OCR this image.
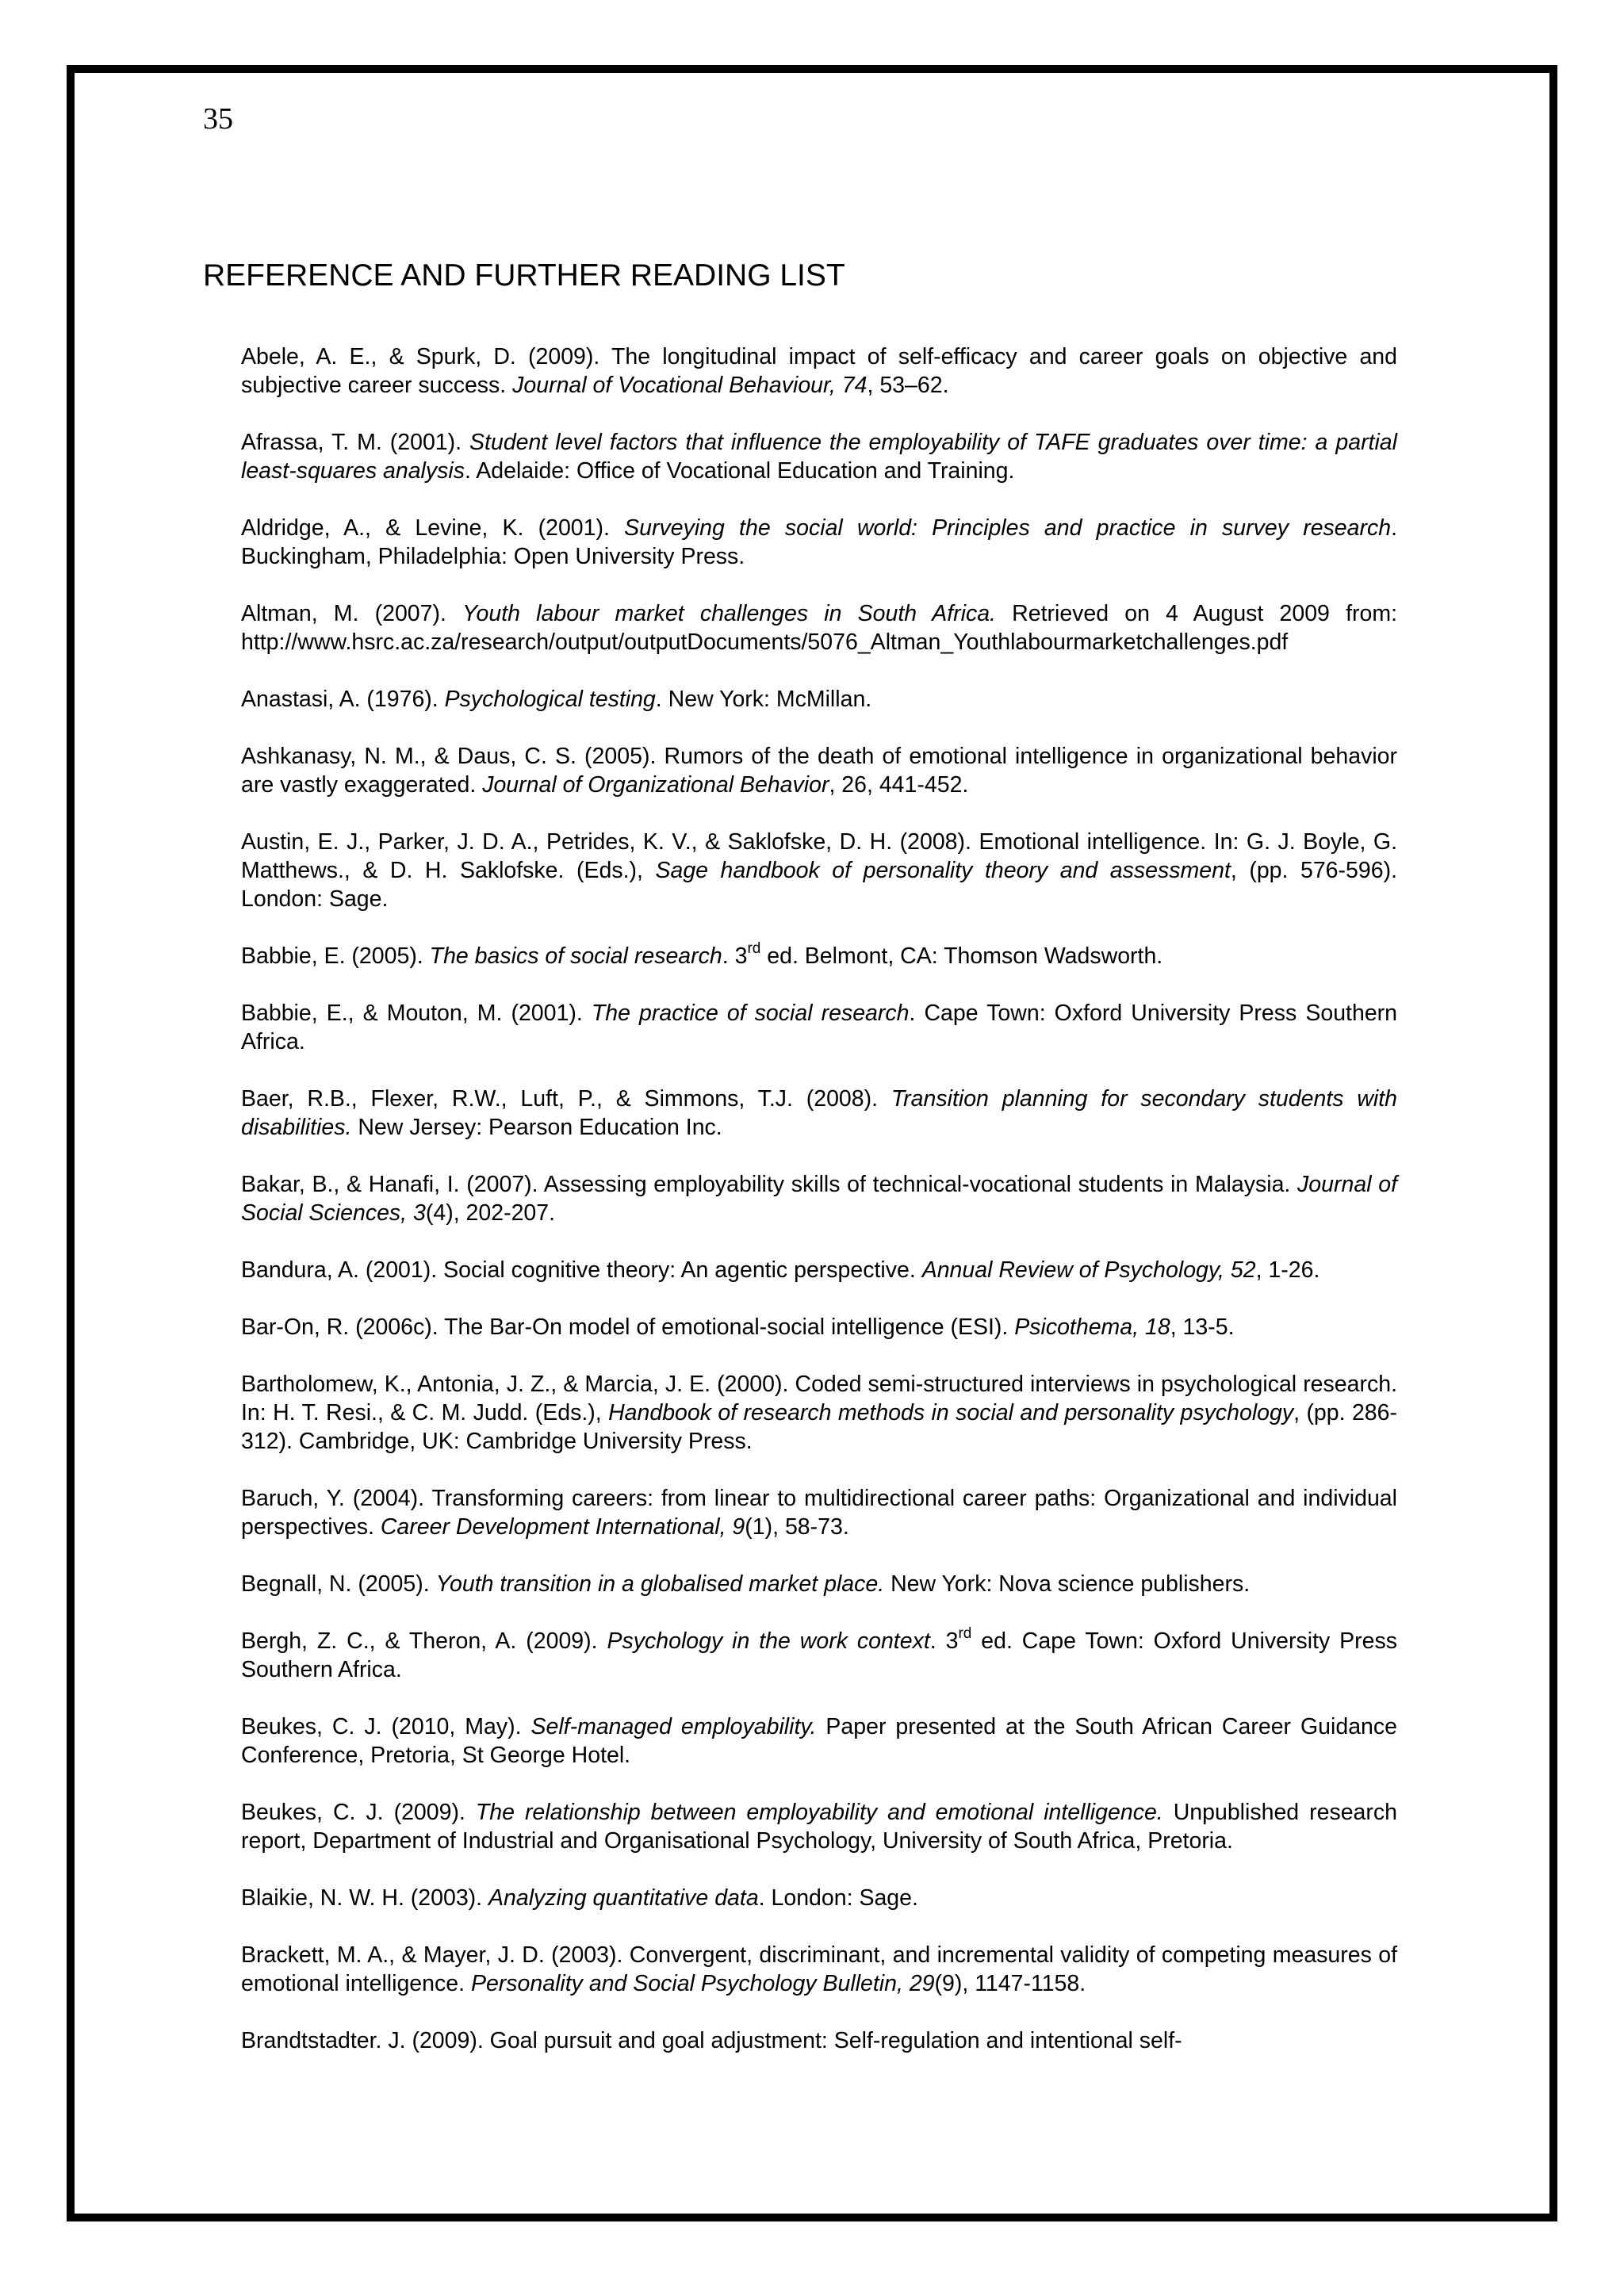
35
REFERENCE AND FURTHER READING LIST
Abele, A. E., & Spurk, D. (2009). The longitudinal impact of self-efficacy and career goals on objective and subjective career success. Journal of Vocational Behaviour, 74, 53–62.
Afrassa, T. M. (2001). Student level factors that influence the employability of TAFE graduates over time: a partial least-squares analysis. Adelaide: Office of Vocational Education and Training.
Aldridge, A., & Levine, K. (2001). Surveying the social world: Principles and practice in survey research. Buckingham, Philadelphia: Open University Press.
Altman, M. (2007). Youth labour market challenges in South Africa. Retrieved on 4 August 2009 from: http://www.hsrc.ac.za/research/output/outputDocuments/5076_Altman_Youthlabourmarketchallenges.pdf
Anastasi, A. (1976). Psychological testing. New York: McMillan.
Ashkanasy, N. M., & Daus, C. S. (2005). Rumors of the death of emotional intelligence in organizational behavior are vastly exaggerated. Journal of Organizational Behavior, 26, 441-452.
Austin, E. J., Parker, J. D. A., Petrides, K. V., & Saklofske, D. H. (2008). Emotional intelligence. In: G. J. Boyle, G. Matthews., & D. H. Saklofske. (Eds.), Sage handbook of personality theory and assessment, (pp. 576-596). London: Sage.
Babbie, E. (2005). The basics of social research. 3rd ed. Belmont, CA: Thomson Wadsworth.
Babbie, E., & Mouton, M. (2001). The practice of social research. Cape Town: Oxford University Press Southern Africa.
Baer, R.B., Flexer, R.W., Luft, P., & Simmons, T.J. (2008). Transition planning for secondary students with disabilities. New Jersey: Pearson Education Inc.
Bakar, B., & Hanafi, I. (2007). Assessing employability skills of technical-vocational students in Malaysia. Journal of Social Sciences, 3(4), 202-207.
Bandura, A. (2001). Social cognitive theory: An agentic perspective. Annual Review of Psychology, 52, 1-26.
Bar-On, R. (2006c). The Bar-On model of emotional-social intelligence (ESI). Psicothema, 18, 13-5.
Bartholomew, K., Antonia, J. Z., & Marcia, J. E. (2000). Coded semi-structured interviews in psychological research. In: H. T. Resi., & C. M. Judd. (Eds.), Handbook of research methods in social and personality psychology, (pp. 286-312). Cambridge, UK: Cambridge University Press.
Baruch, Y. (2004). Transforming careers: from linear to multidirectional career paths: Organizational and individual perspectives. Career Development International, 9(1), 58-73.
Begnall, N. (2005). Youth transition in a globalised market place. New York: Nova science publishers.
Bergh, Z. C., & Theron, A. (2009). Psychology in the work context. 3rd ed. Cape Town: Oxford University Press Southern Africa.
Beukes, C. J. (2010, May). Self-managed employability. Paper presented at the South African Career Guidance Conference, Pretoria, St George Hotel.
Beukes, C. J. (2009). The relationship between employability and emotional intelligence. Unpublished research report, Department of Industrial and Organisational Psychology, University of South Africa, Pretoria.
Blaikie, N. W. H. (2003). Analyzing quantitative data. London: Sage.
Brackett, M. A., & Mayer, J. D. (2003). Convergent, discriminant, and incremental validity of competing measures of emotional intelligence. Personality and Social Psychology Bulletin, 29(9), 1147-1158.
Brandtstadter. J. (2009). Goal pursuit and goal adjustment: Self-regulation and intentional self-
